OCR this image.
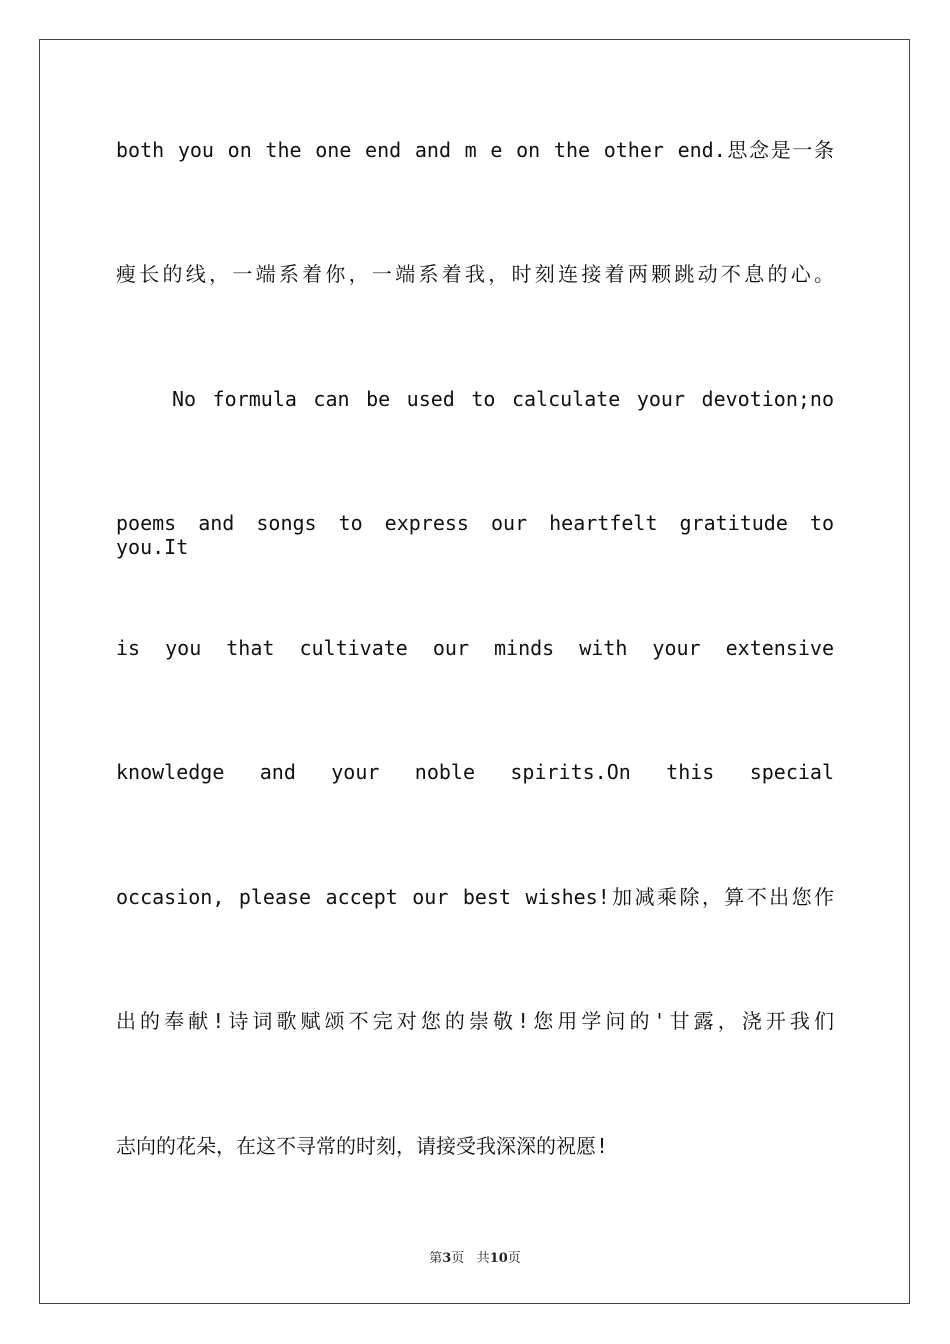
both you on the one end and m e on the other end.思念是一条
瘦长的线，一端系着你，一端系着我，时刻连接着两颗跳动不息的心。
No formula can be used to calculate your devotion;no
poems and songs to express our heartfelt gratitude to you.It
is you that cultivate our minds with your extensive
knowledge and your noble spirits.On this special
occasion, please accept our best wishes!加减乘除，算不出您作
出的奉献!诗词歌赋颂不完对您的崇敬!您用学问的'甘露，浇开我们
志向的花朵，在这不寻常的时刻，请接受我深深的祝愿!
第3页 共10页
